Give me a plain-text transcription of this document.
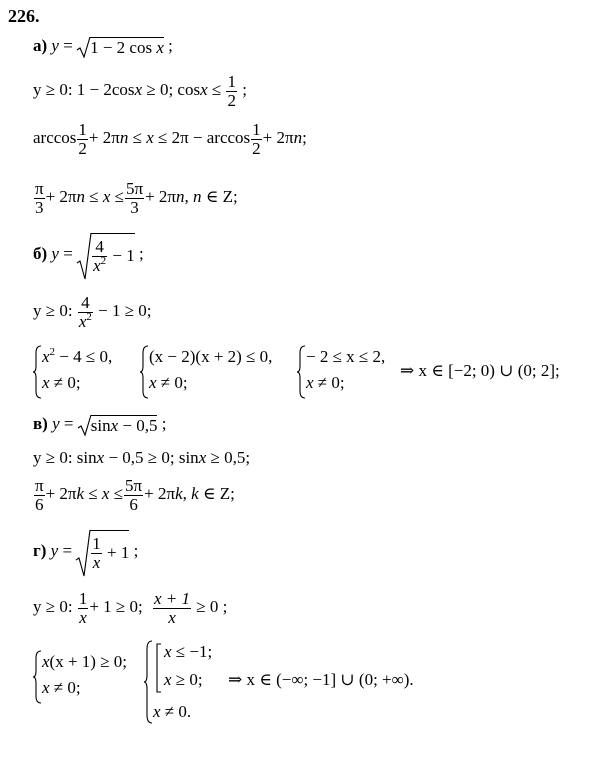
226.
а) y =
1 − 2 cos x ;
y ≥ 0: 1 − 2cosx ≥ 0; $\cos x \le \frac{1}{2}$ ;
$\arccos \frac{1}{2} + 2\pi n \le x \le 2\pi - \arccos \frac{1}{2} + 2\pi n$;
$\frac{\pi}{3} + 2\pi n \le x \le \frac{5\pi}{3} + 2\pi n$, n ∈ Z;
б) $y = \frac{4}{x^2} - 1$ ;
y ≥ 0: $\frac{4}{x^2} - 1 \ge 0$;
$x^2 - 4 \le 0$,
x ≠ 0;
(x − 2)(x + 2) ≤ 0,
x ≠ 0;
− 2 ≤ x ≤ 2,
x ≠ 0;
⇒ x ∈ [−2; 0) ∪ (0; 2];
в) y =
sinx − 0,5 ;
y ≥ 0: sinx − 0,5 ≥ 0; sinx ≥ 0,5;
$\frac{\pi}{6} + 2\pi k \le x \le \frac{5\pi}{6} + 2\pi k$, k ∈ Z;
г) $y = \frac{1}{x} + 1$ ;
y ≥ 0: $\frac{1}{x} + 1 \ge 0$; $\frac{x + 1}{x} \ge 0$ ;
x(x + 1) ≥ 0;
x ≠ 0;
x ≤ −1;
x ≥ 0;
x ≠ 0.
⇒ x ∈ (−∞; −1] ∪ (0; +∞).
